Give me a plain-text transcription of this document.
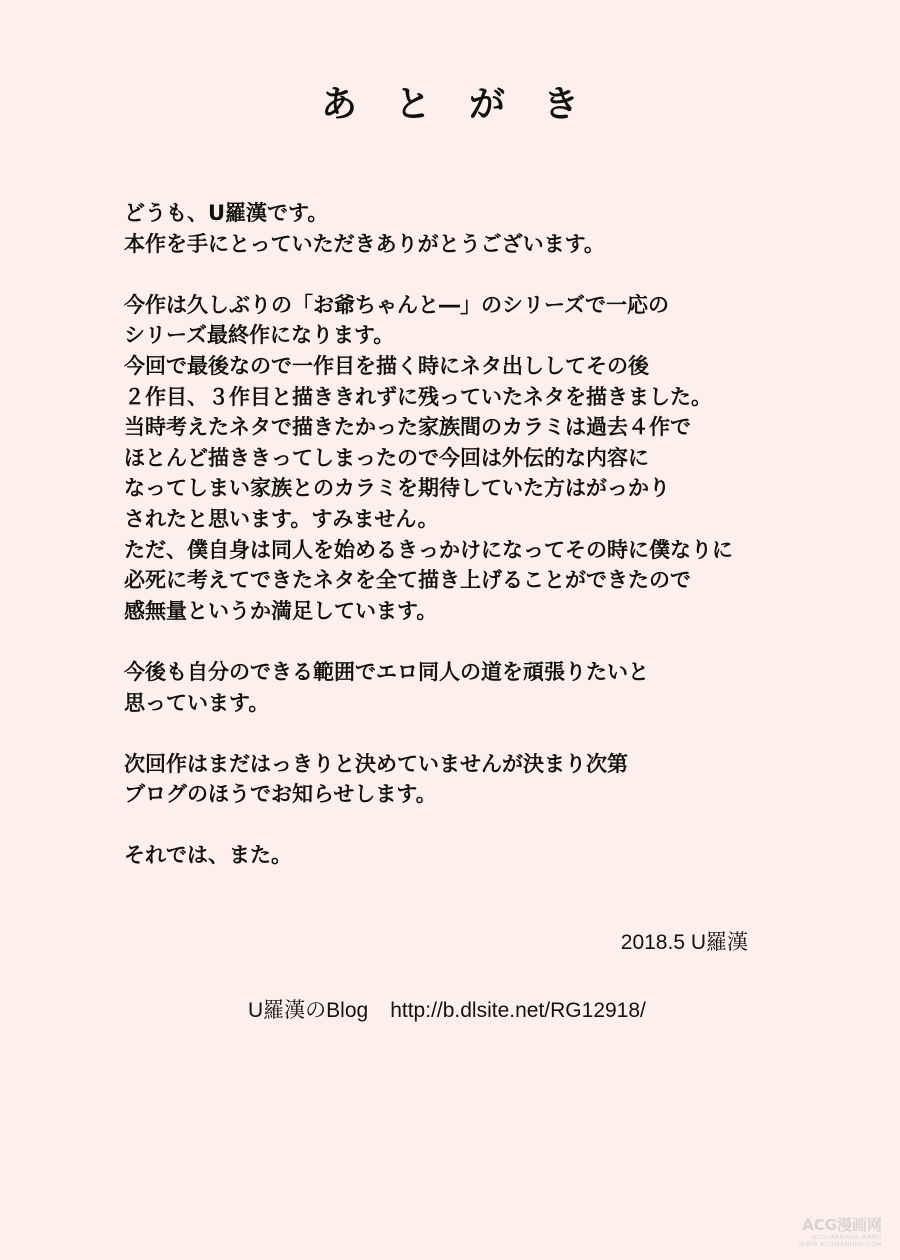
あとがき
どうも、U羅漢です。
本作を手にとっていただきありがとうございます。
今作は久しぶりの「お爺ちゃんと―」のシリーズで一応の
シリーズ最終作になります。
今回で最後なので一作目を描く時にネタ出ししてその後
２作目、３作目と描ききれずに残っていたネタを描きました。
当時考えたネタで描きたかった家族間のカラミは過去４作で
ほとんど描ききってしまったので今回は外伝的な内容に
なってしまい家族とのカラミを期待していた方はがっかり
されたと思います。すみません。
ただ、僕自身は同人を始めるきっかけになってその時に僕なりに
必死に考えてできたネタを全て描き上げることができたので
感無量というか満足しています。
今後も自分のできる範囲でエロ同人の道を頑張りたいと
思っています。
次回作はまだはっきりと決めていませんが決まり次第
ブログのほうでお知らせします。
それでは、また。
2018.5 U羅漢
U羅漢のBlog http://b.dlsite.net/RG12918/
ACG漫画网
ACG-MANHUA.WANG
WWW.ACGMANHUA.COM
